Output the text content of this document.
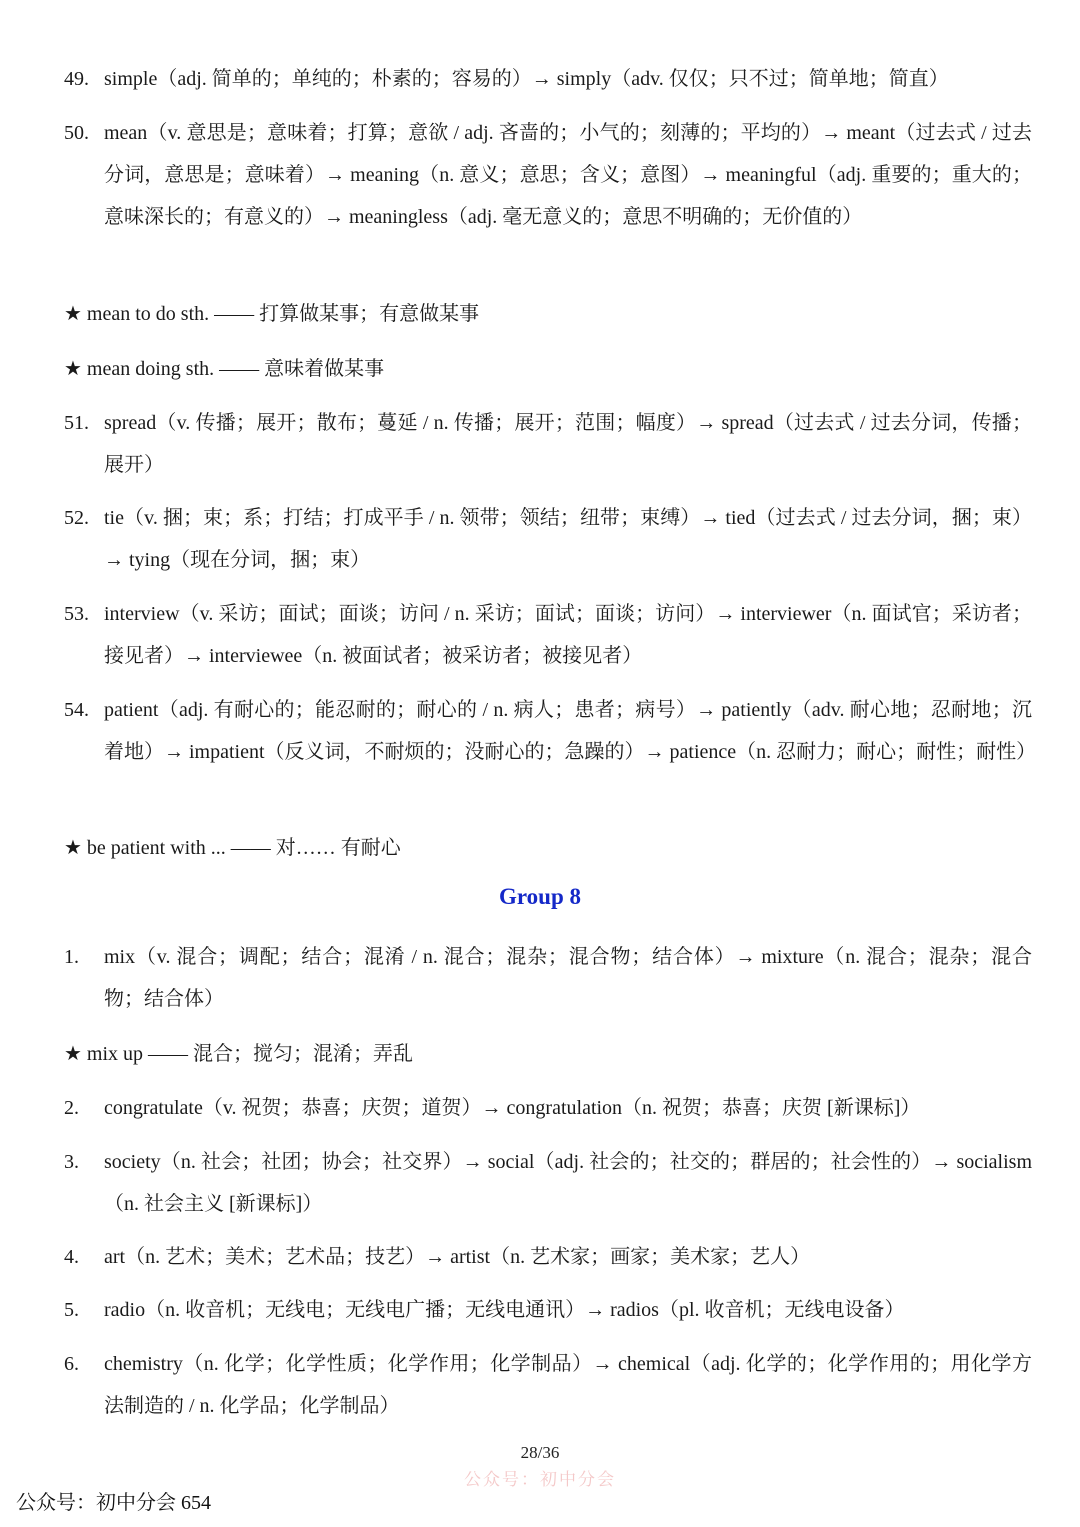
49. simple（adj. 简单的；单纯的；朴素的；容易的）→ simply（adv. 仅仅；只不过；简单地；简直）
50. mean（v. 意思是；意味着；打算；意欲 / adj. 吝啬的；小气的；刻薄的；平均的）→ meant（过去式 / 过去分词，意思是；意味着）→ meaning（n. 意义；意思；含义；意图）→ meaningful（adj. 重要的；重大的；意味深长的；有意义的）→ meaningless（adj. 毫无意义的；意思不明确的；无价值的）
★ mean to do sth. —— 打算做某事；有意做某事
★ mean doing sth. —— 意味着做某事
51. spread（v. 传播；展开；散布；蔓延 / n. 传播；展开；范围；幅度）→ spread（过去式 / 过去分词，传播；展开）
52. tie（v. 捆；束；系；打结；打成平手 / n. 领带；领结；纽带；束缚）→ tied（过去式 / 过去分词，捆；束）→ tying（现在分词，捆；束）
53. interview（v. 采访；面试；面谈；访问 / n. 采访；面试；面谈；访问）→ interviewer（n. 面试官；采访者；接见者）→ interviewee（n. 被面试者；被采访者；被接见者）
54. patient（adj. 有耐心的；能忍耐的；耐心的 / n. 病人；患者；病号）→ patiently（adv. 耐心地；忍耐地；沉着地）→ impatient（反义词，不耐烦的；没耐心的；急躁的）→ patience（n. 忍耐力；耐心；耐性；耐性）
★ be patient with ... —— 对…… 有耐心
Group 8
1. mix（v. 混合；调配；结合；混淆 / n. 混合；混杂；混合物；结合体）→ mixture（n. 混合；混杂；混合物；结合体）
★ mix up —— 混合；搅匀；混淆；弄乱
2. congratulate（v. 祝贺；恭喜；庆贺；道贺）→ congratulation（n. 祝贺；恭喜；庆贺 [新课标]）
3. society（n. 社会；社团；协会；社交界）→ social（adj. 社会的；社交的；群居的；社会性的）→ socialism（n. 社会主义 [新课标]）
4. art（n. 艺术；美术；艺术品；技艺）→ artist（n. 艺术家；画家；美术家；艺人）
5. radio（n. 收音机；无线电；无线电广播；无线电通讯）→ radios（pl. 收音机；无线电设备）
6. chemistry（n. 化学；化学性质；化学作用；化学制品）→ chemical（adj. 化学的；化学作用的；用化学方法制造的 / n. 化学品；化学制品）
28/36
公众号：初中分会
公众号：初中分会 654
